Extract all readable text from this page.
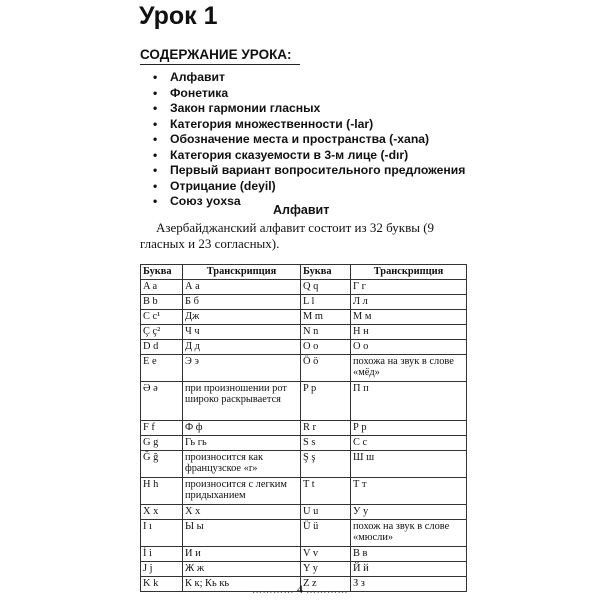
Урок 1
СОДЕРЖАНИЕ УРОКА:
• Алфавит
• Фонетика
• Закон гармонии гласных
• Категория множественности (-lar)
• Обозначение места и пространства (-xana)
• Категория сказуемости в 3-м лице (-dır)
• Первый вариант вопросительного предложения
• Отрицание (deyil)
• Союз yoxsa
Алфавит

Азербайджанский алфавит состоит из 32 буквы (9 гласных и 23 согласных).

Буква	Транскрипция	Буква	Транскрипция
A a	А а	Q q	Г г
B b	Б б	L l	Л л
C c¹	Дж	M m	М м
Ç ç²	Ч ч	N n	Н н
D d	Д д	O o	О о
E e	Э э	Ö ö	похожа на звук в слове «мёд»
Ə ə	при произношении рот широко раскрывается	P p	П п
F f	Ф ф	R r	Р р
G g	Гь гь	S s	С с
Ğ ğ	произносится как французское «r»	Ş ş	Ш ш
H h	произносится с легким придыханием	T t	Т т
X x	Х х	U u	У у
I ı	Ы ы	Ü ü	похож на звук в слове «мюсли»
İ i	И и	V v	В в
J j	Ж ж	Y y	Й й
K k	К к; Кь кь	Z z	З з
………… 4 …………
